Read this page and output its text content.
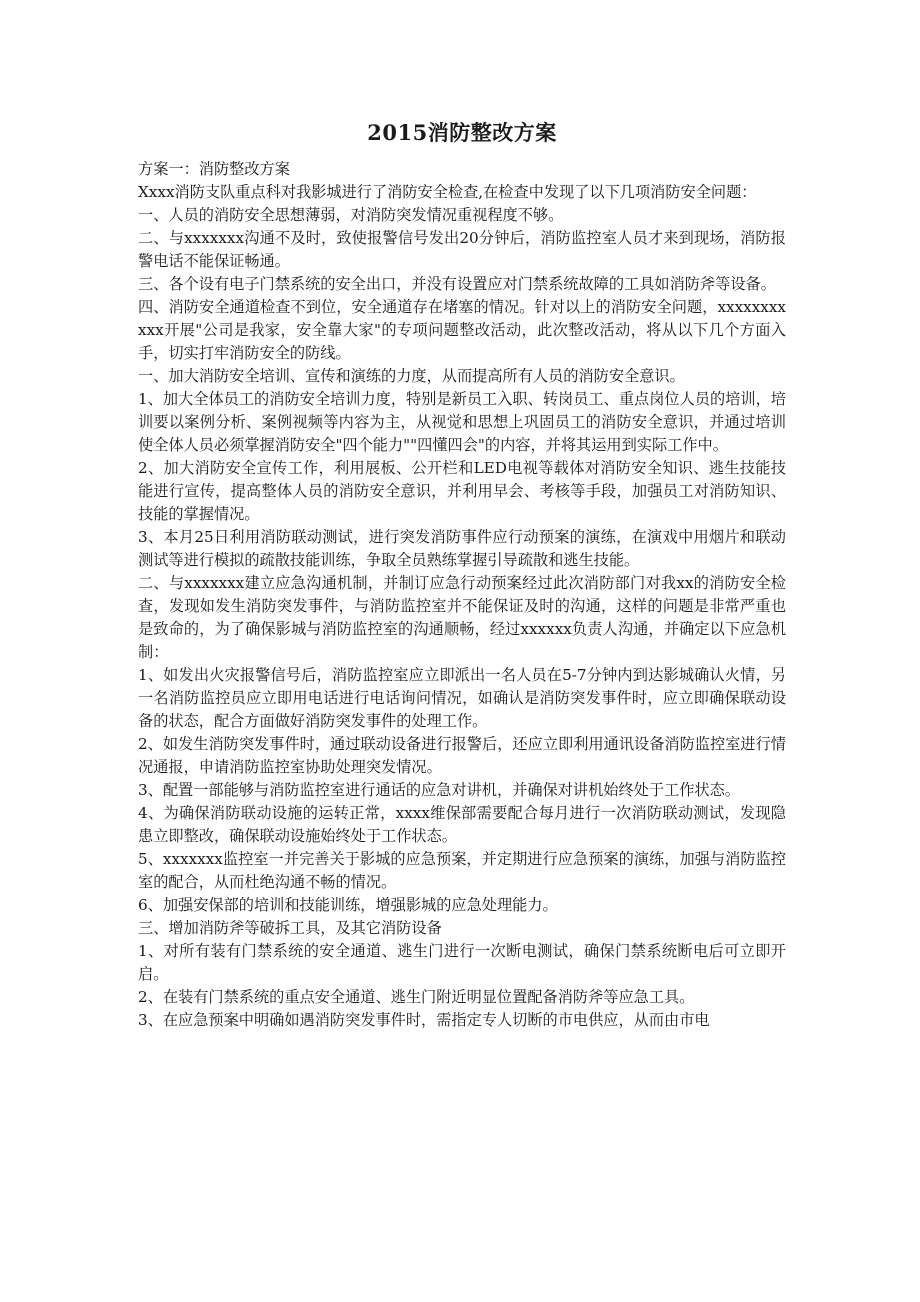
2015消防整改方案

方案一：消防整改方案

Xxxx消防支队重点科对我影城进行了消防安全检查,在检查中发现了以下几项消防安全问题：

一、人员的消防安全思想薄弱，对消防突发情况重视程度不够。

二、与xxxxxxx沟通不及时，致使报警信号发出20分钟后，消防监控室人员才来到现场，消防报警电话不能保证畅通。

三、各个设有电子门禁系统的安全出口，并没有设置应对门禁系统故障的工具如消防斧等设备。

四、消防安全通道检查不到位，安全通道存在堵塞的情况。针对以上的消防安全问题，xxxxxxxxxxx开展"公司是我家，安全靠大家"的专项问题整改活动，此次整改活动，将从以下几个方面入手，切实打牢消防安全的防线。

一、加大消防安全培训、宣传和演练的力度，从而提高所有人员的消防安全意识。

1、加大全体员工的消防安全培训力度，特别是新员工入职、转岗员工、重点岗位人员的培训，培训要以案例分析、案例视频等内容为主，从视觉和思想上巩固员工的消防安全意识，并通过培训使全体人员必须掌握消防安全"四个能力""四懂四会"的内容，并将其运用到实际工作中。

2、加大消防安全宣传工作，利用展板、公开栏和LED电视等载体对消防安全知识、逃生技能技能进行宣传，提高整体人员的消防安全意识，并利用早会、考核等手段，加强员工对消防知识、技能的掌握情况。

3、本月25日利用消防联动测试，进行突发消防事件应行动预案的演练，在演戏中用烟片和联动测试等进行模拟的疏散技能训练，争取全员熟练掌握引导疏散和逃生技能。

二、与xxxxxxx建立应急沟通机制，并制订应急行动预案经过此次消防部门对我xx的消防安全检查，发现如发生消防突发事件，与消防监控室并不能保证及时的沟通，这样的问题是非常严重也是致命的，为了确保影城与消防监控室的沟通顺畅，经过xxxxxx负责人沟通，并确定以下应急机制：

1、如发出火灾报警信号后，消防监控室应立即派出一名人员在5-7分钟内到达影城确认火情，另一名消防监控员应立即用电话进行电话询问情况，如确认是消防突发事件时，应立即确保联动设备的状态，配合方面做好消防突发事件的处理工作。

2、如发生消防突发事件时，通过联动设备进行报警后，还应立即利用通讯设备消防监控室进行情况通报，申请消防监控室协助处理突发情况。

3、配置一部能够与消防监控室进行通话的应急对讲机，并确保对讲机始终处于工作状态。

4、为确保消防联动设施的运转正常，xxxx维保部需要配合每月进行一次消防联动测试，发现隐患立即整改，确保联动设施始终处于工作状态。

5、xxxxxxx监控室一并完善关于影城的应急预案，并定期进行应急预案的演练，加强与消防监控室的配合，从而杜绝沟通不畅的情况。

6、加强安保部的培训和技能训练，增强影城的应急处理能力。

三、增加消防斧等破拆工具，及其它消防设备

1、对所有装有门禁系统的安全通道、逃生门进行一次断电测试，确保门禁系统断电后可立即开启。

2、在装有门禁系统的重点安全通道、逃生门附近明显位置配备消防斧等应急工具。

3、在应急预案中明确如遇消防突发事件时，需指定专人切断的市电供应，从而由市电
